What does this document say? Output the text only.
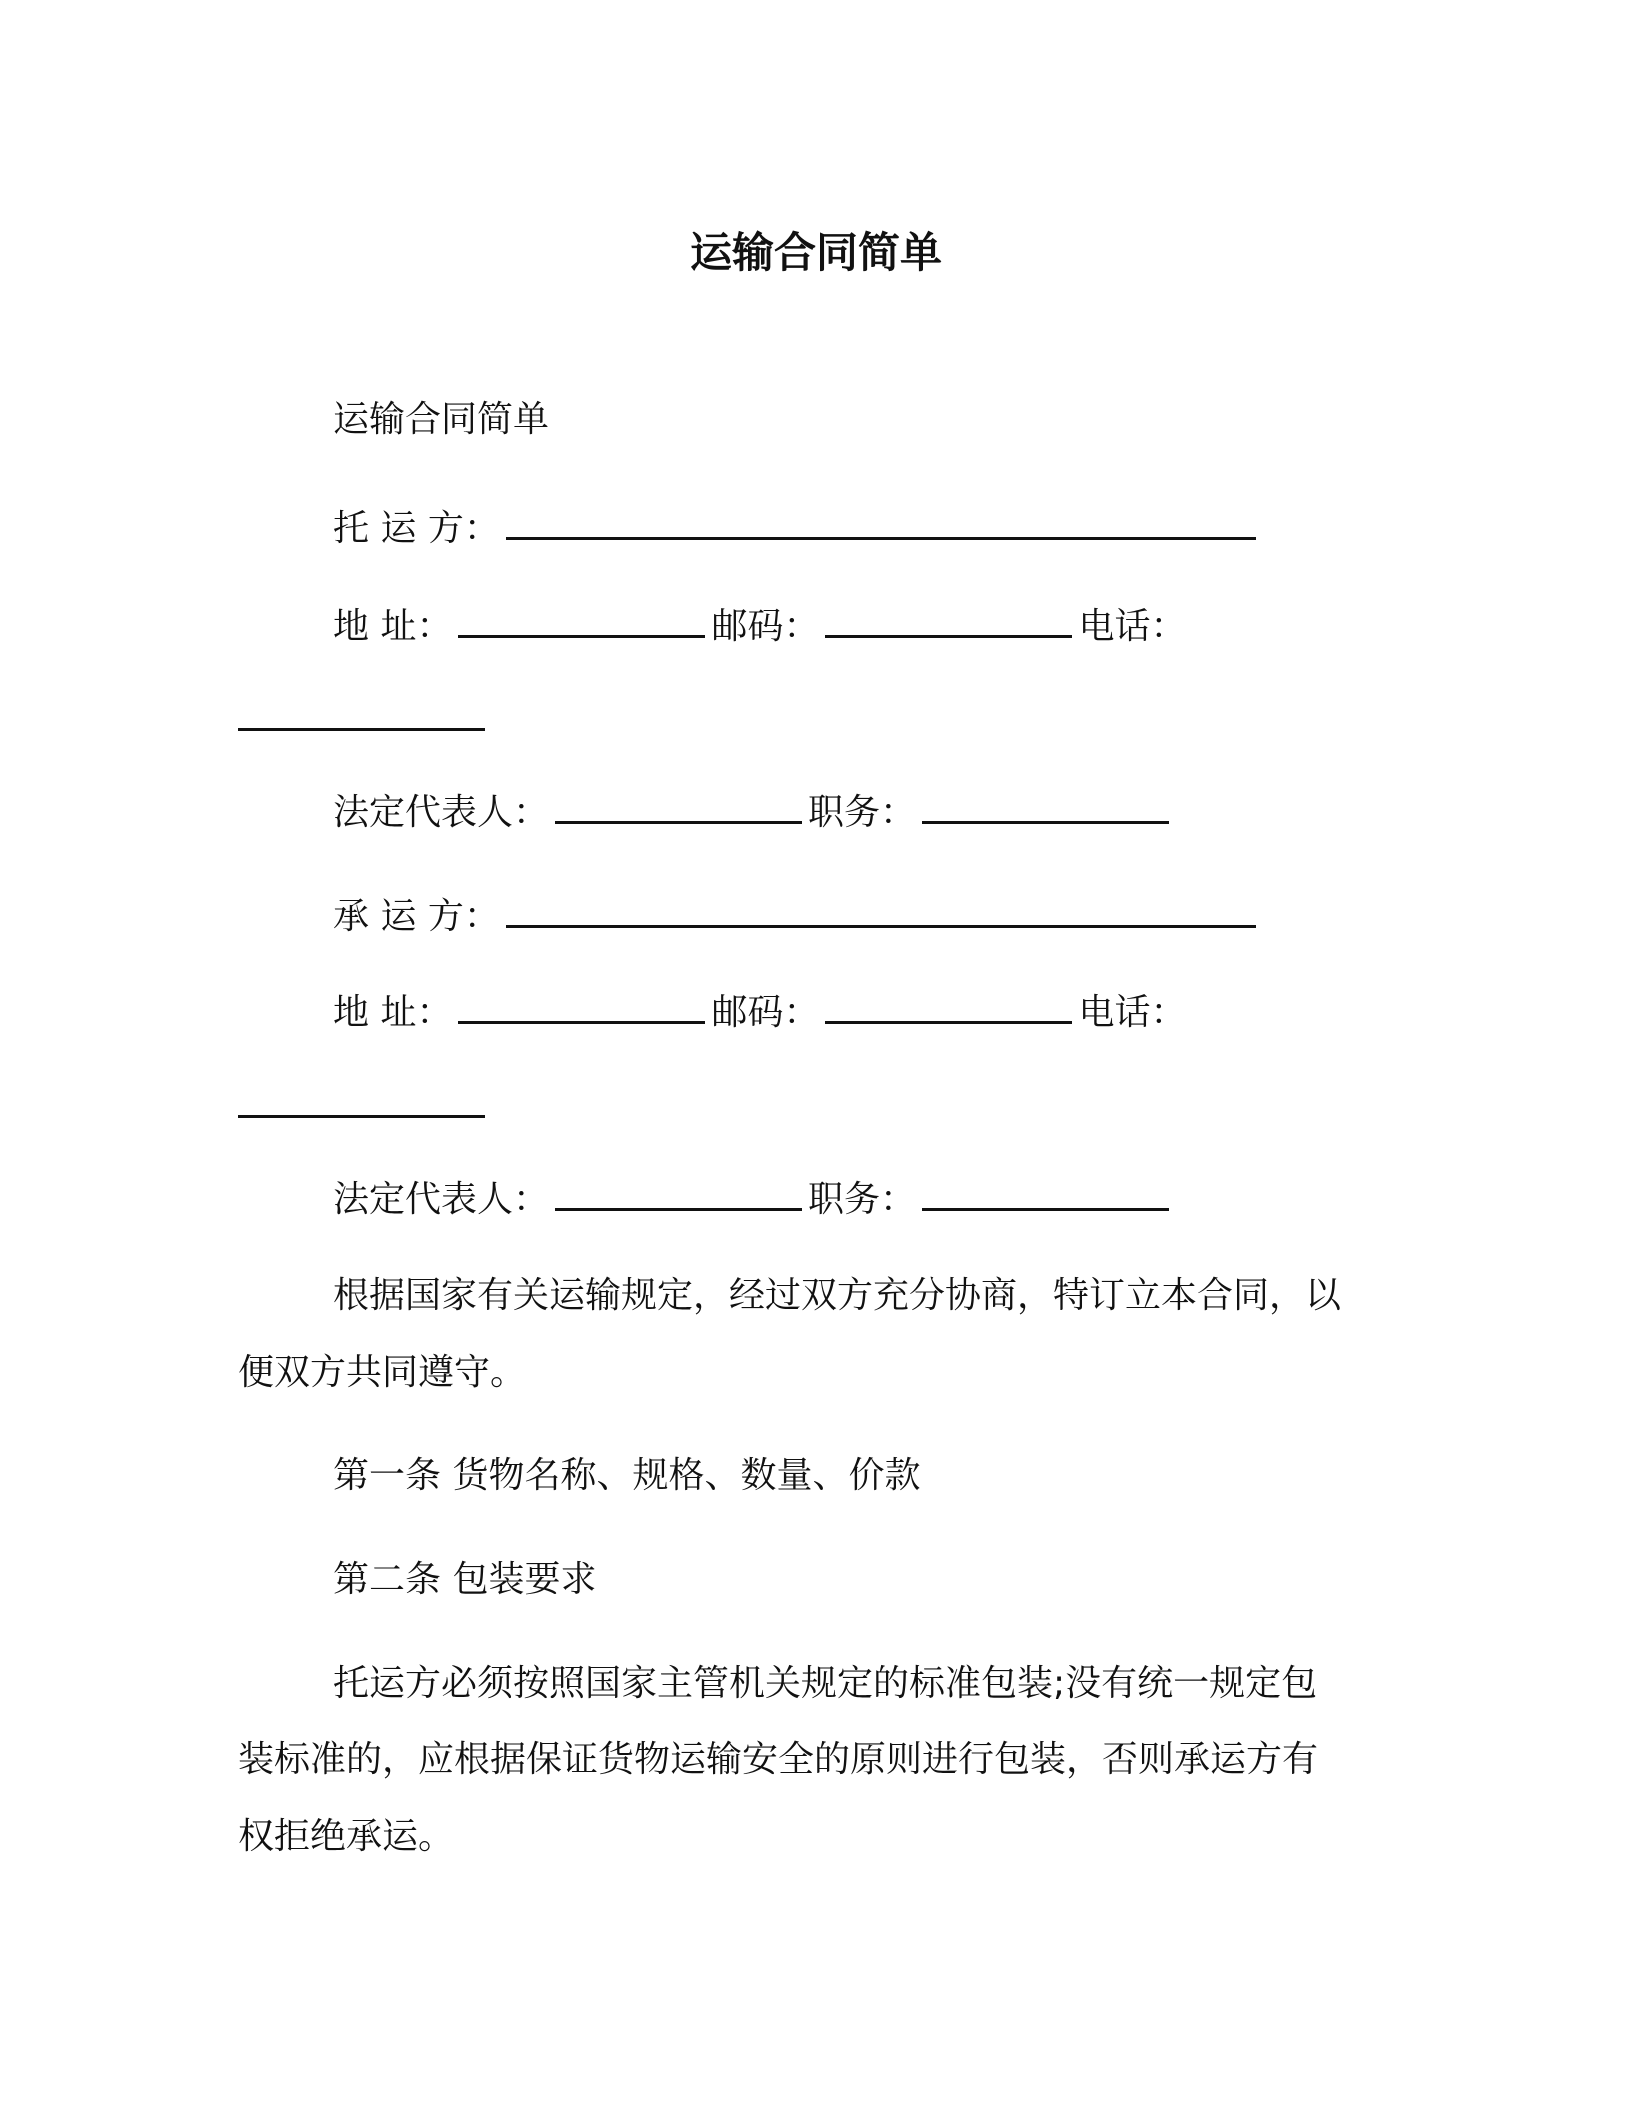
运输合同简单
运输合同简单
托 运 方：
地 址：	邮码：	电话：
法定代表人：	职务：
承 运 方：
地 址：	邮码：	电话：
法定代表人：	职务：
根据国家有关运输规定，经过双方充分协商，特订立本合同，以
便双方共同遵守。
第一条 货物名称、规格、数量、价款
第二条 包装要求
托运方必须按照国家主管机关规定的标准包装;没有统一规定包
装标准的，应根据保证货物运输安全的原则进行包装，否则承运方有
权拒绝承运。
